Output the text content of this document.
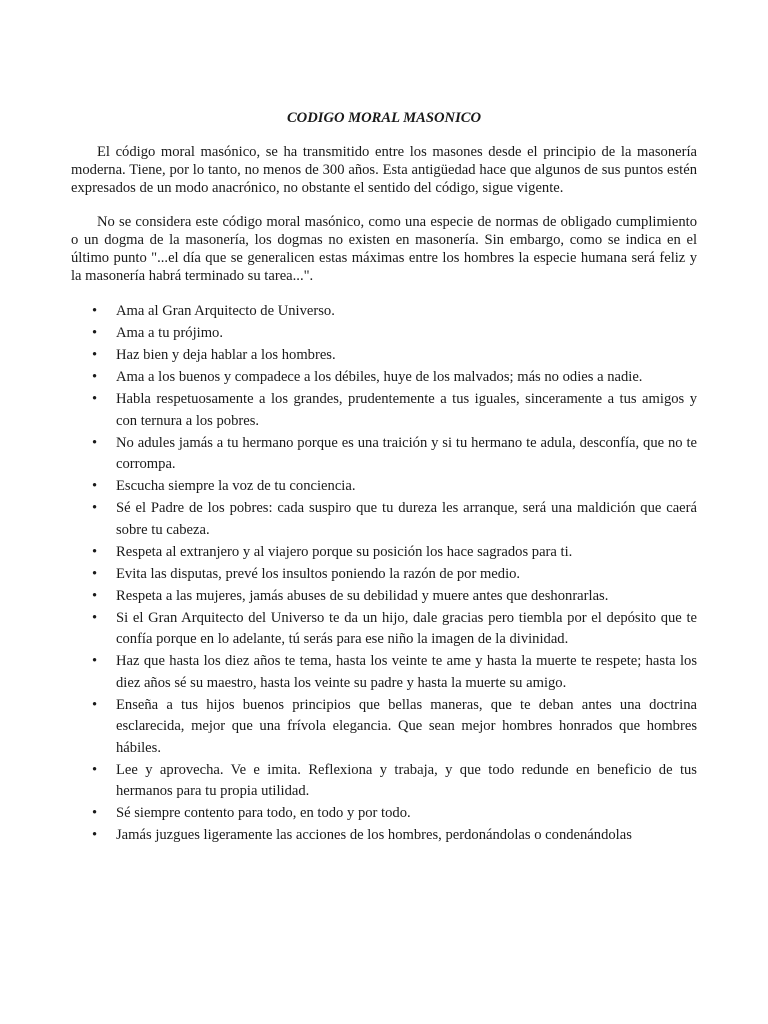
CODIGO MORAL MASONICO

El código moral masónico, se ha transmitido entre los masones desde el principio de la masonería moderna. Tiene, por lo tanto, no menos de 300 años. Esta antigüedad hace que algunos de sus puntos estén expresados de un modo anacrónico, no obstante el sentido del código, sigue vigente.

No se considera este código moral masónico, como una especie de normas de obligado cumplimiento o un dogma de la masonería, los dogmas no existen en masonería. Sin embargo, como se indica en el último punto "...el día que se generalicen estas máximas entre los hombres la especie humana será feliz y la masonería habrá terminado su tarea...".

• Ama al Gran Arquitecto de Universo.
• Ama a tu prójimo.
• Haz bien y deja hablar a los hombres.
• Ama a los buenos y compadece a los débiles, huye de los malvados; más no odies a nadie.
• Habla respetuosamente a los grandes, prudentemente a tus iguales, sinceramente a tus amigos y con ternura a los pobres.
• No adules jamás a tu hermano porque es una traición y si tu hermano te adula, desconfía, que no te corrompa.
• Escucha siempre la voz de tu conciencia.
• Sé el Padre de los pobres: cada suspiro que tu dureza les arranque, será una maldición que caerá sobre tu cabeza.
• Respeta al extranjero y al viajero porque su posición los hace sagrados para ti.
• Evita las disputas, prevé los insultos poniendo la razón de por medio.
• Respeta a las mujeres, jamás abuses de su debilidad y muere antes que deshonrarlas.
• Si el Gran Arquitecto del Universo te da un hijo, dale gracias pero tiembla por el depósito que te confía porque en lo adelante, tú serás para ese niño la imagen de la divinidad.
• Haz que hasta los diez años te tema, hasta los veinte te ame y hasta la muerte te respete; hasta los diez años sé su maestro, hasta los veinte su padre y hasta la muerte su amigo.
• Enseña a tus hijos buenos principios que bellas maneras, que te deban antes una doctrina esclarecida, mejor que una frívola elegancia. Que sean mejor hombres honrados que hombres hábiles.
• Lee y aprovecha. Ve e imita. Reflexiona y trabaja, y que todo redunde en beneficio de tus hermanos para tu propia utilidad.
• Sé siempre contento para todo, en todo y por todo.
• Jamás juzgues ligeramente las acciones de los hombres, perdonándolas o condenándolas
